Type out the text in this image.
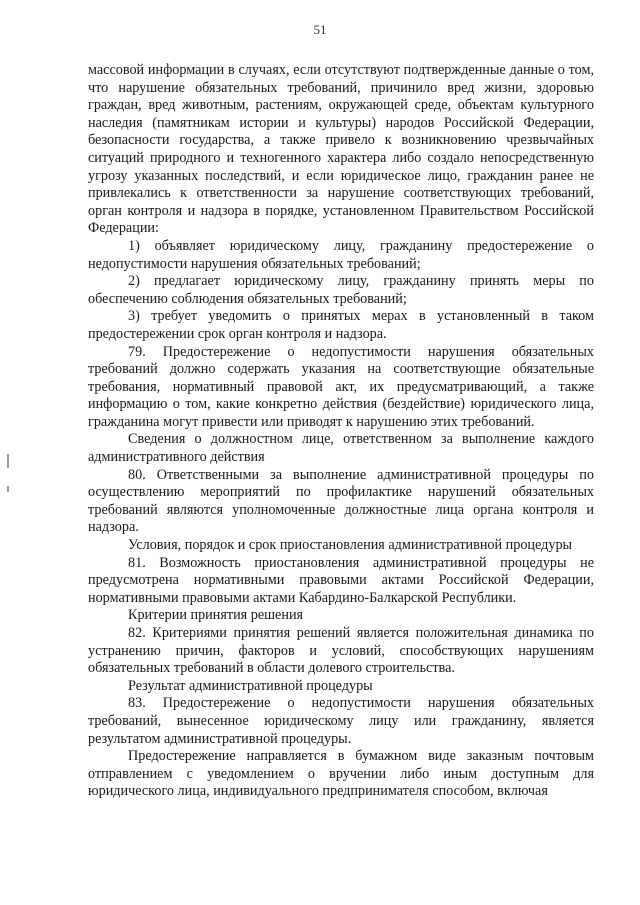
51

массовой информации в случаях, если отсутствуют подтвержденные данные о том, что нарушение обязательных требований, причинило вред жизни, здоровью граждан, вред животным, растениям, окружающей среде, объектам культурного наследия (памятникам истории и культуры) народов Российской Федерации, безопасности государства, а также привело к возникновению чрезвычайных ситуаций природного и техногенного характера либо создало непосредственную угрозу указанных последствий, и если юридическое лицо, гражданин ранее не привлекались к ответственности за нарушение соответствующих требований, орган контроля и надзора в порядке, установленном Правительством Российской Федерации:

1) объявляет юридическому лицу, гражданину предостережение о недопустимости нарушения обязательных требований;

2) предлагает юридическому лицу, гражданину принять меры по обеспечению соблюдения обязательных требований;

3) требует уведомить о принятых мерах в установленный в таком предостережении срок орган контроля и надзора.

79. Предостережение о недопустимости нарушения обязательных требований должно содержать указания на соответствующие обязательные требования, нормативный правовой акт, их предусматривающий, а также информацию о том, какие конкретно действия (бездействие) юридического лица, гражданина могут привести или приводят к нарушению этих требований.

Сведения о должностном лице, ответственном за выполнение каждого административного действия

80. Ответственными за выполнение административной процедуры по осуществлению мероприятий по профилактике нарушений обязательных требований являются уполномоченные должностные лица органа контроля и надзора.

Условия, порядок и срок приостановления административной процедуры

81. Возможность приостановления административной процедуры не предусмотрена нормативными правовыми актами Российской Федерации, нормативными правовыми актами Кабардино-Балкарской Республики.

Критерии принятия решения

82. Критериями принятия решений является положительная динамика по устранению причин, факторов и условий, способствующих нарушениям обязательных требований в области долевого строительства.

Результат административной процедуры

83. Предостережение о недопустимости нарушения обязательных требований, вынесенное юридическому лицу или гражданину, является результатом административной процедуры.

Предостережение направляется в бумажном виде заказным почтовым отправлением с уведомлением о вручении либо иным доступным для юридического лица, индивидуального предпринимателя способом, включая
